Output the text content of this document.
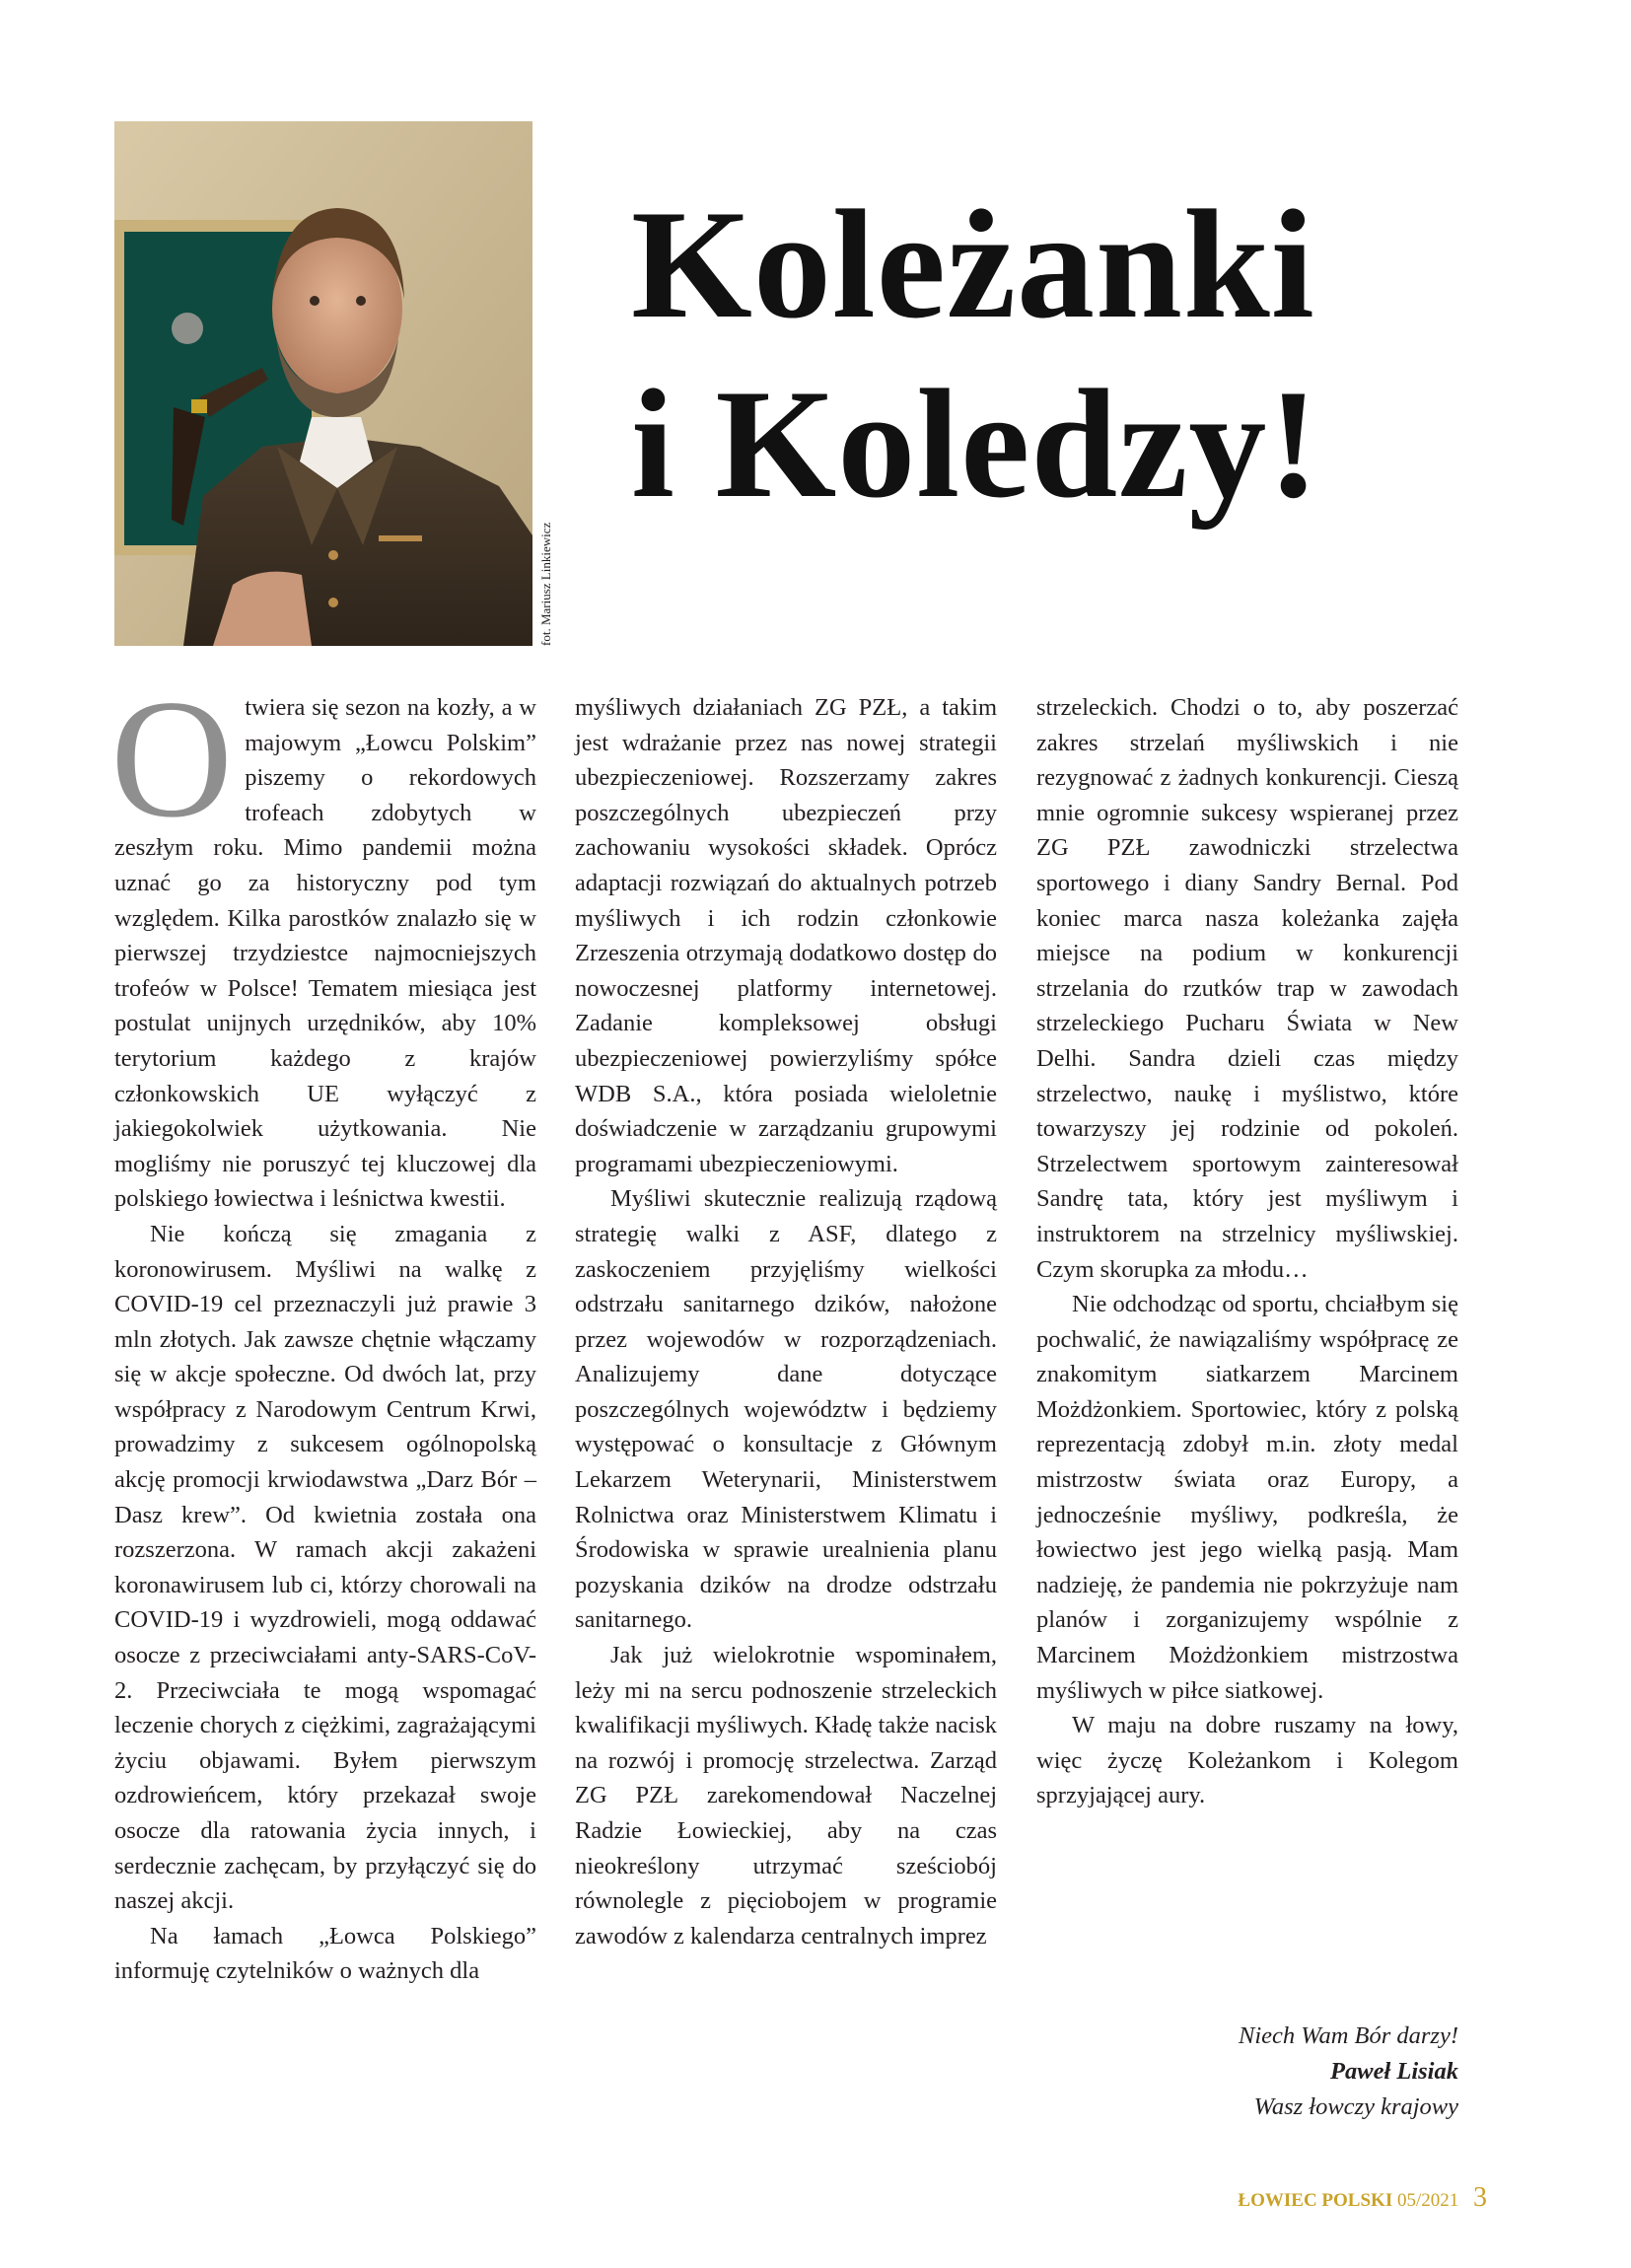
fot. Mariusz Linkiewicz
Koleżanki
i Koledzy!

Otwiera się sezon na kozły, a w majowym „Łowcu Polskim” piszemy o rekordowych trofeach zdobytych w zeszłym roku. Mimo pandemii można uznać go za historyczny pod tym względem. Kilka parostków znalazło się w pierwszej trzydziestce najmocniejszych trofeów w Polsce! Tematem miesiąca jest postulat unijnych urzędników, aby 10% terytorium każdego z krajów członkowskich UE wyłączyć z jakiegokolwiek użytkowania. Nie mogliśmy nie poruszyć tej kluczowej dla polskiego łowiectwa i leśnictwa kwestii.

Nie kończą się zmagania z koronowirusem. Myśliwi na walkę z COVID-19 cel przeznaczyli już prawie 3 mln złotych. Jak zawsze chętnie włączamy się w akcje społeczne. Od dwóch lat, przy współpracy z Narodowym Centrum Krwi, prowadzimy z sukcesem ogólnopolską akcję promocji krwiodawstwa „Darz Bór – Dasz krew”. Od kwietnia została ona rozszerzona. W ramach akcji zakażeni koronawirusem lub ci, którzy chorowali na COVID-19 i wyzdrowieli, mogą oddawać osocze z przeciwciałami anty-SARS-CoV-2. Przeciwciała te mogą wspomagać leczenie chorych z ciężkimi, zagrażającymi życiu objawami. Byłem pierwszym ozdrowieńcem, który przekazał swoje osocze dla ratowania życia innych, i serdecznie zachęcam, by przyłączyć się do naszej akcji.

Na łamach „Łowca Polskiego” informuję czytelników o ważnych dla

myśliwych działaniach ZG PZŁ, a takim jest wdrażanie przez nas nowej strategii ubezpieczeniowej. Rozszerzamy zakres poszczególnych ubezpieczeń przy zachowaniu wysokości składek. Oprócz adaptacji rozwiązań do aktualnych potrzeb myśliwych i ich rodzin członkowie Zrzeszenia otrzymają dodatkowo dostęp do nowoczesnej platformy internetowej. Zadanie kompleksowej obsługi ubezpieczeniowej powierzyliśmy spółce WDB S.A., która posiada wieloletnie doświadczenie w zarządzaniu grupowymi programami ubezpieczeniowymi.

Myśliwi skutecznie realizują rządową strategię walki z ASF, dlatego z zaskoczeniem przyjęliśmy wielkości odstrzału sanitarnego dzików, nałożone przez wojewodów w rozporządzeniach. Analizujemy dane dotyczące poszczególnych województw i będziemy występować o konsultacje z Głównym Lekarzem Weterynarii, Ministerstwem Rolnictwa oraz Ministerstwem Klimatu i Środowiska w sprawie urealnienia planu pozyskania dzików na drodze odstrzału sanitarnego.

Jak już wielokrotnie wspominałem, leży mi na sercu podnoszenie strzeleckich kwalifikacji myśliwych. Kładę także nacisk na rozwój i promocję strzelectwa. Zarząd ZG PZŁ zarekomendował Naczelnej Radzie Łowieckiej, aby na czas nieokreślony utrzymać sześciobój równolegle z pięciobojem w programie zawodów z kalendarza centralnych imprez

strzeleckich. Chodzi o to, aby poszerzać zakres strzelań myśliwskich i nie rezygnować z żadnych konkurencji. Cieszą mnie ogromnie sukcesy wspieranej przez ZG PZŁ zawodniczki strzelectwa sportowego i diany Sandry Bernal. Pod koniec marca nasza koleżanka zajęła miejsce na podium w konkurencji strzelania do rzutków trap w zawodach strzeleckiego Pucharu Świata w New Delhi. Sandra dzieli czas między strzelectwo, naukę i myślistwo, które towarzyszy jej rodzinie od pokoleń. Strzelectwem sportowym zainteresował Sandrę tata, który jest myśliwym i instruktorem na strzelnicy myśliwskiej. Czym skorupka za młodu…

Nie odchodząc od sportu, chciałbym się pochwalić, że nawiązaliśmy współpracę ze znakomitym siatkarzem Marcinem Możdżonkiem. Sportowiec, który z polską reprezentacją zdobył m.in. złoty medal mistrzostw świata oraz Europy, a jednocześnie myśliwy, podkreśla, że łowiectwo jest jego wielką pasją. Mam nadzieję, że pandemia nie pokrzyżuje nam planów i zorganizujemy wspólnie z Marcinem Możdżonkiem mistrzostwa myśliwych w piłce siatkowej.

W maju na dobre ruszamy na łowy, więc życzę Koleżankom i Kolegom sprzyjającej aury.

Niech Wam Bór darzy!
Paweł Lisiak
Wasz łowczy krajowy
ŁOWIEC POLSKI 05/2021 3
